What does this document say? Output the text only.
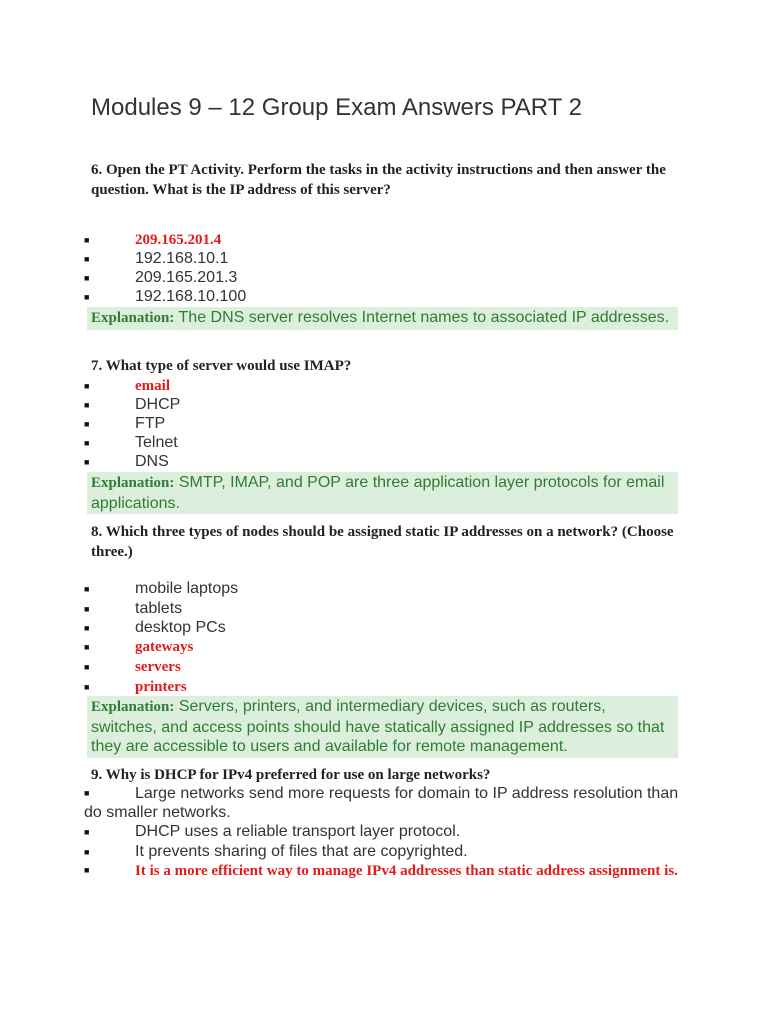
Modules 9 – 12 Group Exam Answers PART 2
6. Open the PT Activity. Perform the tasks in the activity instructions and then answer the question. What is the IP address of this server?
■	209.165.201.4
■	192.168.10.1
■	209.165.201.3
■	192.168.10.100
Explanation: The DNS server resolves Internet names to associated IP addresses.
7. What type of server would use IMAP?
■	email
■	DHCP
■	FTP
■	Telnet
■	DNS
Explanation: SMTP, IMAP, and POP are three application layer protocols for email applications.
8. Which three types of nodes should be assigned static IP addresses on a network? (Choose three.)
■	mobile laptops
■	tablets
■	desktop PCs
■	gateways
■	servers
■	printers
Explanation: Servers, printers, and intermediary devices, such as routers, switches, and access points should have statically assigned IP addresses so that they are accessible to users and available for remote management.
9. Why is DHCP for IPv4 preferred for use on large networks?
■	Large networks send more requests for domain to IP address resolution than do smaller networks.
■	DHCP uses a reliable transport layer protocol.
■	It prevents sharing of files that are copyrighted.
■	It is a more efficient way to manage IPv4 addresses than static address assignment is.
